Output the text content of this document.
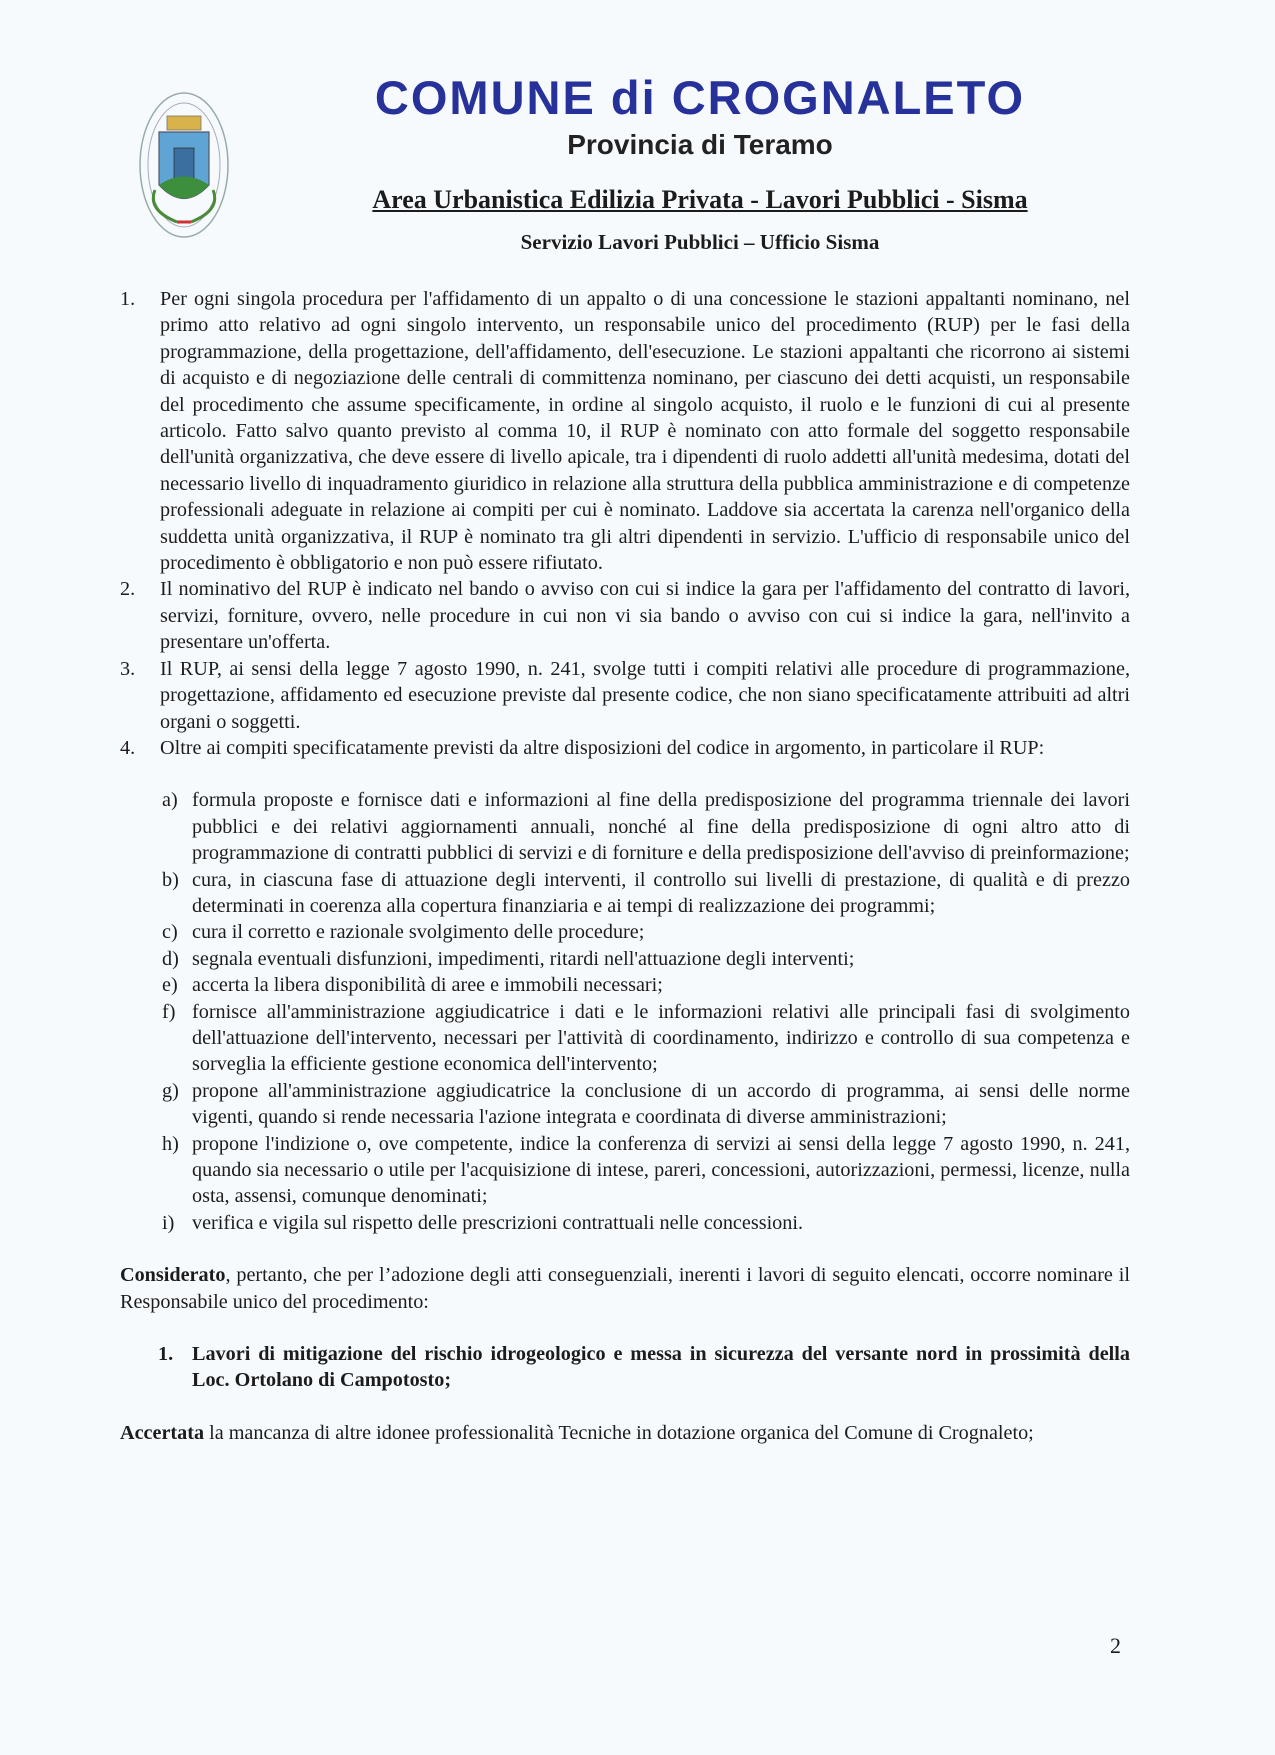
COMUNE di CROGNALETO
Provincia di Teramo
Area Urbanistica Edilizia Privata - Lavori Pubblici - Sisma
Servizio Lavori Pubblici – Ufficio Sisma
1.	Per ogni singola procedura per l'affidamento di un appalto o di una concessione le stazioni appaltanti nominano, nel primo atto relativo ad ogni singolo intervento, un responsabile unico del procedimento (RUP) per le fasi della programmazione, della progettazione, dell'affidamento, dell'esecuzione. Le stazioni appaltanti che ricorrono ai sistemi di acquisto e di negoziazione delle centrali di committenza nominano, per ciascuno dei detti acquisti, un responsabile del procedimento che assume specificamente, in ordine al singolo acquisto, il ruolo e le funzioni di cui al presente articolo. Fatto salvo quanto previsto al comma 10, il RUP è nominato con atto formale del soggetto responsabile dell'unità organizzativa, che deve essere di livello apicale, tra i dipendenti di ruolo addetti all'unità medesima, dotati del necessario livello di inquadramento giuridico in relazione alla struttura della pubblica amministrazione e di competenze professionali adeguate in relazione ai compiti per cui è nominato. Laddove sia accertata la carenza nell'organico della suddetta unità organizzativa, il RUP è nominato tra gli altri dipendenti in servizio. L'ufficio di responsabile unico del procedimento è obbligatorio e non può essere rifiutato.
2.	Il nominativo del RUP è indicato nel bando o avviso con cui si indice la gara per l'affidamento del contratto di lavori, servizi, forniture, ovvero, nelle procedure in cui non vi sia bando o avviso con cui si indice la gara, nell'invito a presentare un'offerta.
3.	Il RUP, ai sensi della legge 7 agosto 1990, n. 241, svolge tutti i compiti relativi alle procedure di programmazione, progettazione, affidamento ed esecuzione previste dal presente codice, che non siano specificatamente attribuiti ad altri organi o soggetti.
4.	Oltre ai compiti specificatamente previsti da altre disposizioni del codice in argomento, in particolare il RUP:
a) formula proposte e fornisce dati e informazioni al fine della predisposizione del programma triennale dei lavori pubblici e dei relativi aggiornamenti annuali, nonché al fine della predisposizione di ogni altro atto di programmazione di contratti pubblici di servizi e di forniture e della predisposizione dell'avviso di preinformazione;
b) cura, in ciascuna fase di attuazione degli interventi, il controllo sui livelli di prestazione, di qualità e di prezzo determinati in coerenza alla copertura finanziaria e ai tempi di realizzazione dei programmi;
c) cura il corretto e razionale svolgimento delle procedure;
d) segnala eventuali disfunzioni, impedimenti, ritardi nell'attuazione degli interventi;
e) accerta la libera disponibilità di aree e immobili necessari;
f) fornisce all'amministrazione aggiudicatrice i dati e le informazioni relativi alle principali fasi di svolgimento dell'attuazione dell'intervento, necessari per l'attività di coordinamento, indirizzo e controllo di sua competenza e sorveglia la efficiente gestione economica dell'intervento;
g) propone all'amministrazione aggiudicatrice la conclusione di un accordo di programma, ai sensi delle norme vigenti, quando si rende necessaria l'azione integrata e coordinata di diverse amministrazioni;
h) propone l'indizione o, ove competente, indice la conferenza di servizi ai sensi della legge 7 agosto 1990, n. 241, quando sia necessario o utile per l'acquisizione di intese, pareri, concessioni, autorizzazioni, permessi, licenze, nulla osta, assensi, comunque denominati;
i) verifica e vigila sul rispetto delle prescrizioni contrattuali nelle concessioni.
Considerato, pertanto, che per l’adozione degli atti conseguenziali, inerenti i lavori di seguito elencati, occorre nominare il Responsabile unico del procedimento:
1. Lavori di mitigazione del rischio idrogeologico e messa in sicurezza del versante nord in prossimità della Loc. Ortolano di Campotosto;
Accertata la mancanza di altre idonee professionalità Tecniche in dotazione organica del Comune di Crognaleto;
2
